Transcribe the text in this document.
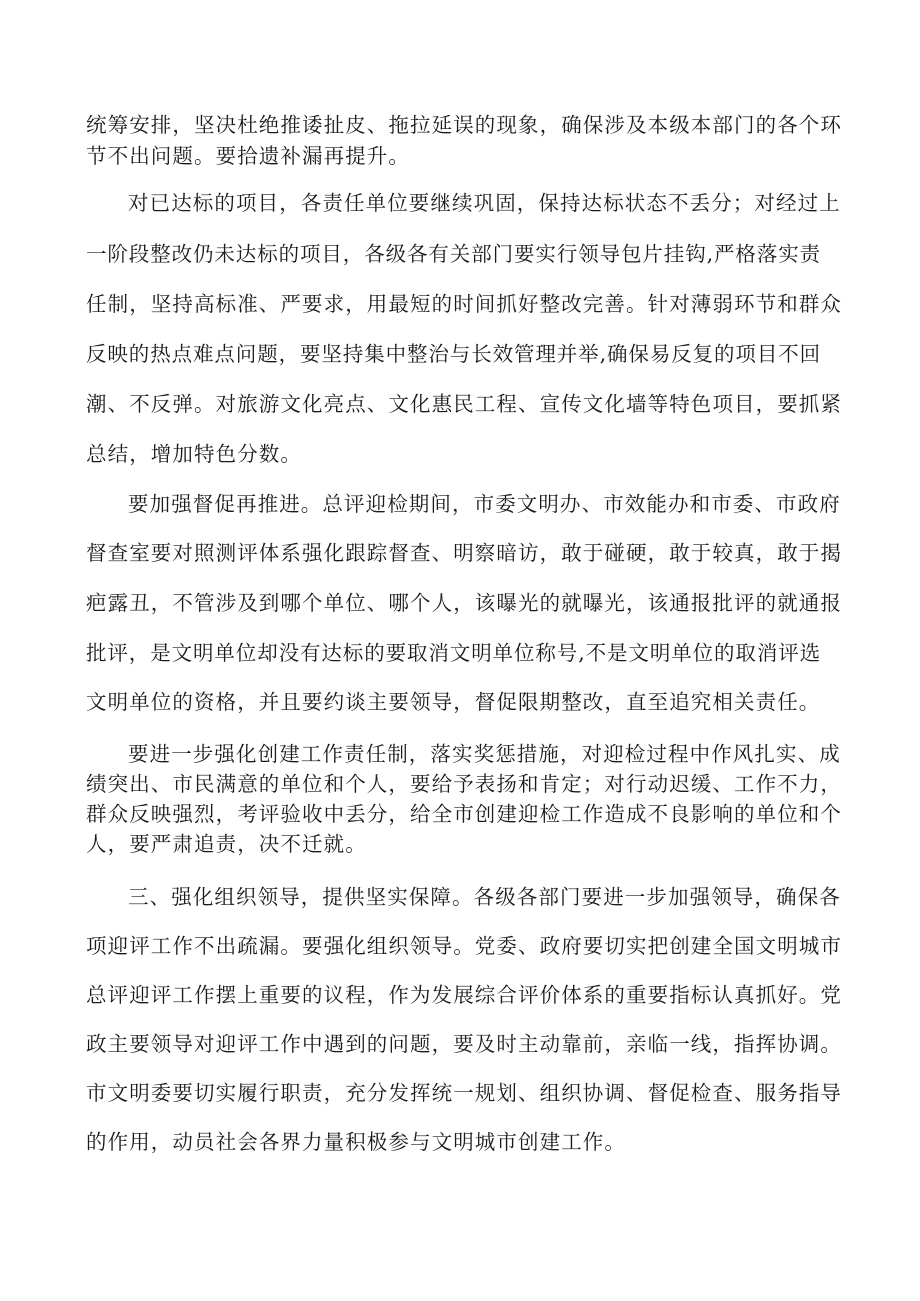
统筹安排，坚决杜绝推诿扯皮、拖拉延误的现象，确保涉及本级本部门的各个环
节不出问题。要拾遗补漏再提升。
对已达标的项目，各责任单位要继续巩固，保持达标状态不丢分；对经过上
一阶段整改仍未达标的项目，各级各有关部门要实行领导包片挂钩,严格落实责
任制，坚持高标准、严要求，用最短的时间抓好整改完善。针对薄弱环节和群众
反映的热点难点问题，要坚持集中整治与长效管理并举,确保易反复的项目不回
潮、不反弹。对旅游文化亮点、文化惠民工程、宣传文化墙等特色项目，要抓紧
总结，增加特色分数。
要加强督促再推进。总评迎检期间，市委文明办、市效能办和市委、市政府
督查室要对照测评体系强化跟踪督查、明察暗访，敢于碰硬，敢于较真，敢于揭
疤露丑，不管涉及到哪个单位、哪个人，该曝光的就曝光，该通报批评的就通报
批评，是文明单位却没有达标的要取消文明单位称号,不是文明单位的取消评选
文明单位的资格，并且要约谈主要领导，督促限期整改，直至追究相关责任。
要进一步强化创建工作责任制，落实奖惩措施，对迎检过程中作风扎实、成
绩突出、市民满意的单位和个人，要给予表扬和肯定；对行动迟缓、工作不力，
群众反映强烈，考评验收中丢分，给全市创建迎检工作造成不良影响的单位和个
人，要严肃追责，决不迁就。
三、强化组织领导，提供坚实保障。各级各部门要进一步加强领导，确保各
项迎评工作不出疏漏。要强化组织领导。党委、政府要切实把创建全国文明城市
总评迎评工作摆上重要的议程，作为发展综合评价体系的重要指标认真抓好。党
政主要领导对迎评工作中遇到的问题，要及时主动靠前，亲临一线，指挥协调。
市文明委要切实履行职责，充分发挥统一规划、组织协调、督促检查、服务指导
的作用，动员社会各界力量积极参与文明城市创建工作。
